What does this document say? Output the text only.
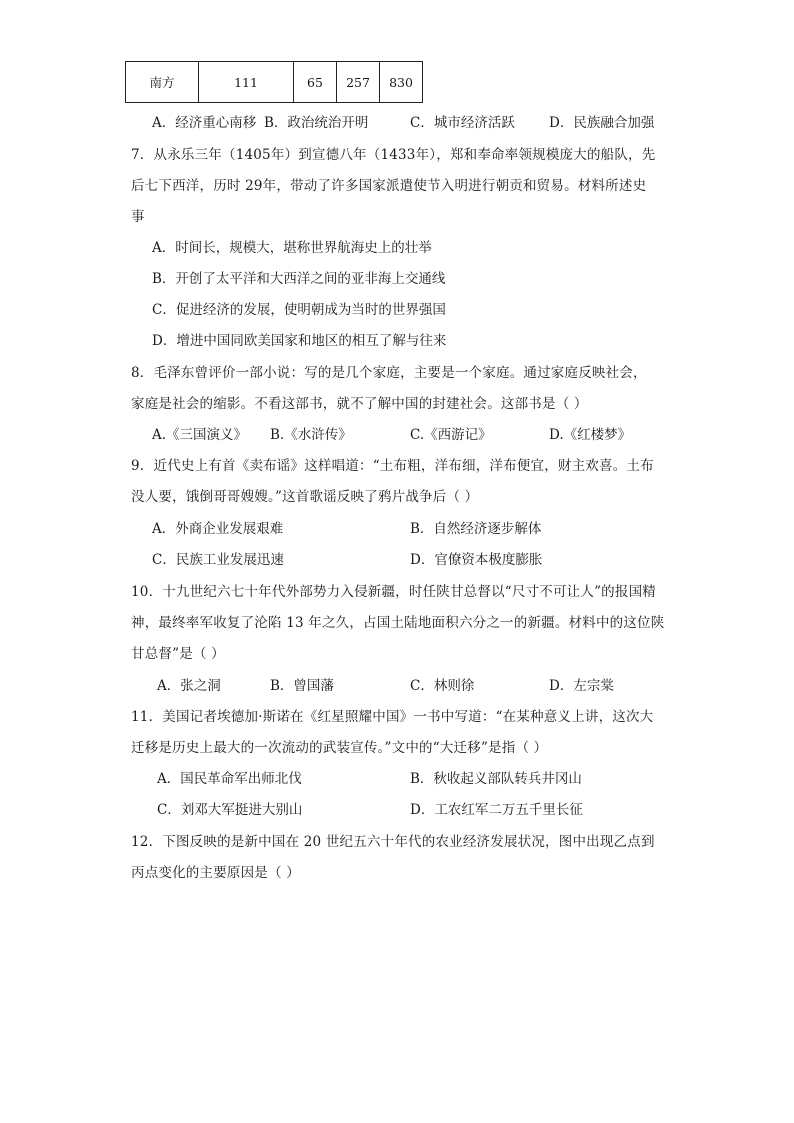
南方	111	65	257	830
A．经济重心南移 B．政治统治开明	C．城市经济活跃	D．民族融合加强
7．从永乐三年（1405年）到宣德八年（1433年），郑和奉命率领规模庞大的船队，先
后七下西洋，历时 29年，带动了许多国家派遣使节入明进行朝贡和贸易。材料所述史
事
A．时间长，规模大，堪称世界航海史上的壮举
B．开创了太平洋和大西洋之间的亚非海上交通线
C．促进经济的发展，使明朝成为当时的世界强国
D．增进中国同欧美国家和地区的相互了解与往来
8．毛泽东曾评价一部小说：写的是几个家庭，主要是一个家庭。通过家庭反映社会，
家庭是社会的缩影。不看这部书，就不了解中国的封建社会。这部书是（ ）
A.《三国演义》 B.《水浒传》	C.《西游记》	D.《红楼梦》
9．近代史上有首《卖布谣》这样唱道：“土布粗，洋布细，洋布便宜，财主欢喜。土布
没人要，饿倒哥哥嫂嫂。”这首歌谣反映了鸦片战争后（ ）
A．外商企业发展艰难	B．自然经济逐步解体
C．民族工业发展迅速	D．官僚资本极度膨胀
10．十九世纪六七十年代外部势力入侵新疆，时任陕甘总督以“尺寸不可让人”的报国精
神，最终率军收复了沦陷 13 年之久，占国土陆地面积六分之一的新疆。材料中的这位陕
甘总督”是（ ）
A．张之洞	B．曾国藩	C．林则徐	D．左宗棠
11．美国记者埃德加·斯诺在《红星照耀中国》一书中写道：“在某种意义上讲，这次大
迁移是历史上最大的一次流动的武装宣传。”文中的“大迁移”是指（ ）
A．国民革命军出师北伐	B．秋收起义部队转兵井冈山
C．刘邓大军挺进大别山	D．工农红军二万五千里长征
12．下图反映的是新中国在 20 世纪五六十年代的农业经济发展状况，图中出现乙点到
丙点变化的主要原因是（ ）
